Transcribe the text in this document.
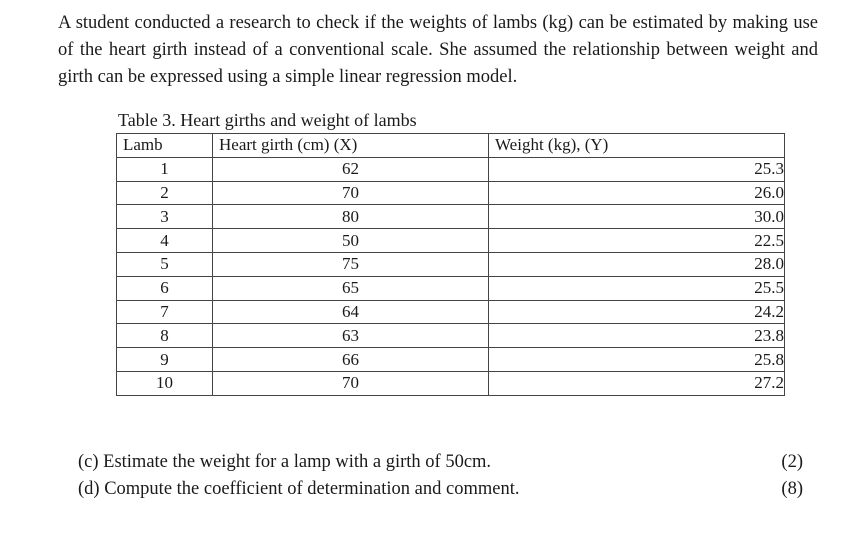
A student conducted a research to check if the weights of lambs (kg) can be estimated by making use of the heart girth instead of a conventional scale. She assumed the relationship between weight and girth can be expressed using a simple linear regression model.

Table 3. Heart girths and weight of lambs
Lamb	Heart girth (cm) (X)	Weight (kg), (Y)
1	62	25.3
2	70	26.0
3	80	30.0
4	50	22.5
5	75	28.0
6	65	25.5
7	64	24.2
8	63	23.8
9	66	25.8
10	70	27.2
(c) Estimate the weight for a lamp with a girth of 50cm.	(2)
(d) Compute the coefficient of determination and comment.	(8)
